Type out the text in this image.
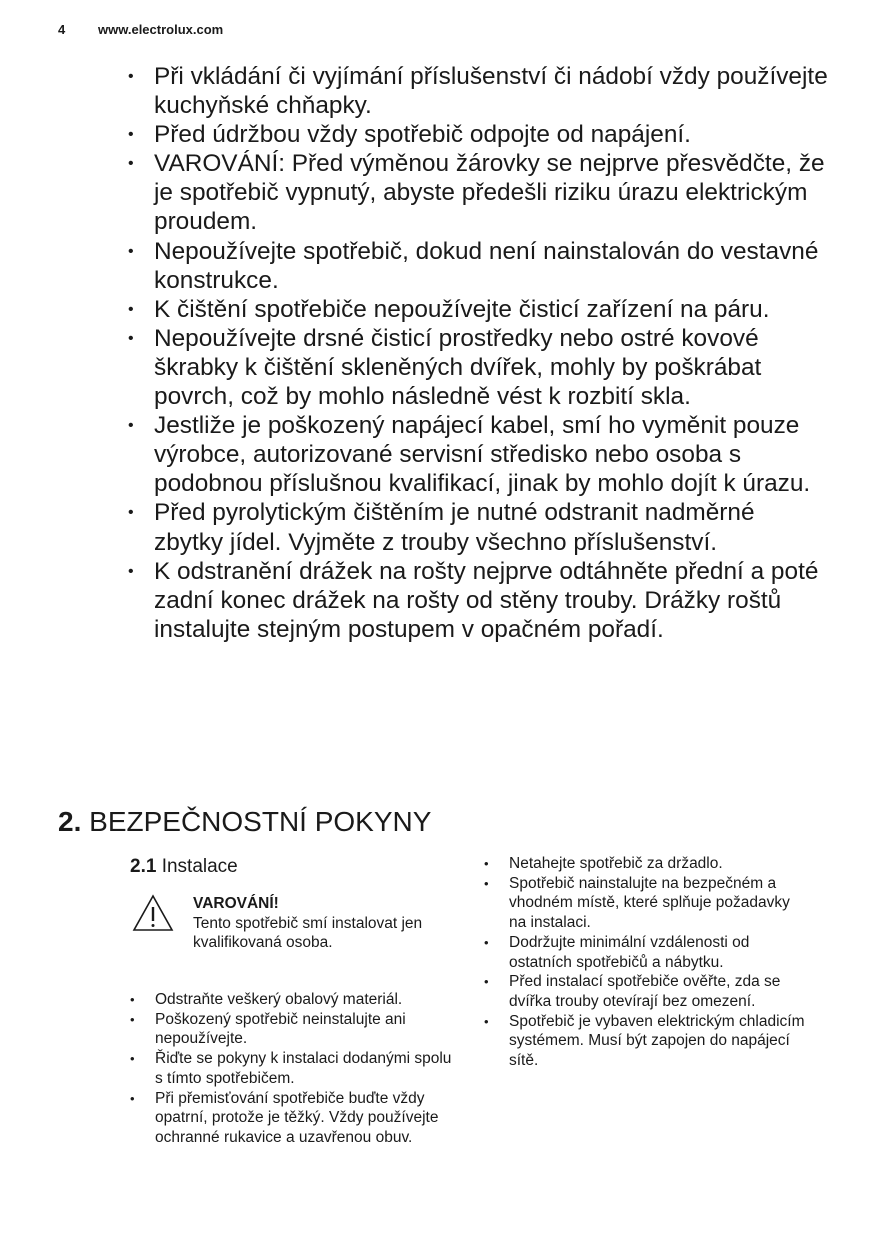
4	www.electrolux.com
• Při vkládání či vyjímání příslušenství či nádobí vždy používejte kuchyňské chňapky.
• Před údržbou vždy spotřebič odpojte od napájení.
• VAROVÁNÍ: Před výměnou žárovky se nejprve přesvědčte, že je spotřebič vypnutý, abyste předešli riziku úrazu elektrickým proudem.
• Nepoužívejte spotřebič, dokud není nainstalován do vestavné konstrukce.
• K čištění spotřebiče nepoužívejte čisticí zařízení na páru.
• Nepoužívejte drsné čisticí prostředky nebo ostré kovové škrabky k čištění skleněných dvířek, mohly by poškrábat povrch, což by mohlo následně vést k rozbití skla.
• Jestliže je poškozený napájecí kabel, smí ho vyměnit pouze výrobce, autorizované servisní středisko nebo osoba s podobnou příslušnou kvalifikací, jinak by mohlo dojít k úrazu.
• Před pyrolytickým čištěním je nutné odstranit nadměrné zbytky jídel. Vyjměte z trouby všechno příslušenství.
• K odstranění drážek na rošty nejprve odtáhněte přední a poté zadní konec drážek na rošty od stěny trouby. Drážky roštů instalujte stejným postupem v opačném pořadí.
2. BEZPEČNOSTNÍ POKYNY
2.1 Instalace
VAROVÁNÍ!
Tento spotřebič smí instalovat jen kvalifikovaná osoba.
• Odstraňte veškerý obalový materiál.
• Poškozený spotřebič neinstalujte ani nepoužívejte.
• Řiďte se pokyny k instalaci dodanými spolu s tímto spotřebičem.
• Při přemisťování spotřebiče buďte vždy opatrní, protože je těžký. Vždy používejte ochranné rukavice a uzavřenou obuv.
• Netahejte spotřebič za držadlo.
• Spotřebič nainstalujte na bezpečném a vhodném místě, které splňuje požadavky na instalaci.
• Dodržujte minimální vzdálenosti od ostatních spotřebičů a nábytku.
• Před instalací spotřebiče ověřte, zda se dvířka trouby otevírají bez omezení.
• Spotřebič je vybaven elektrickým chladicím systémem. Musí být zapojen do napájecí sítě.
